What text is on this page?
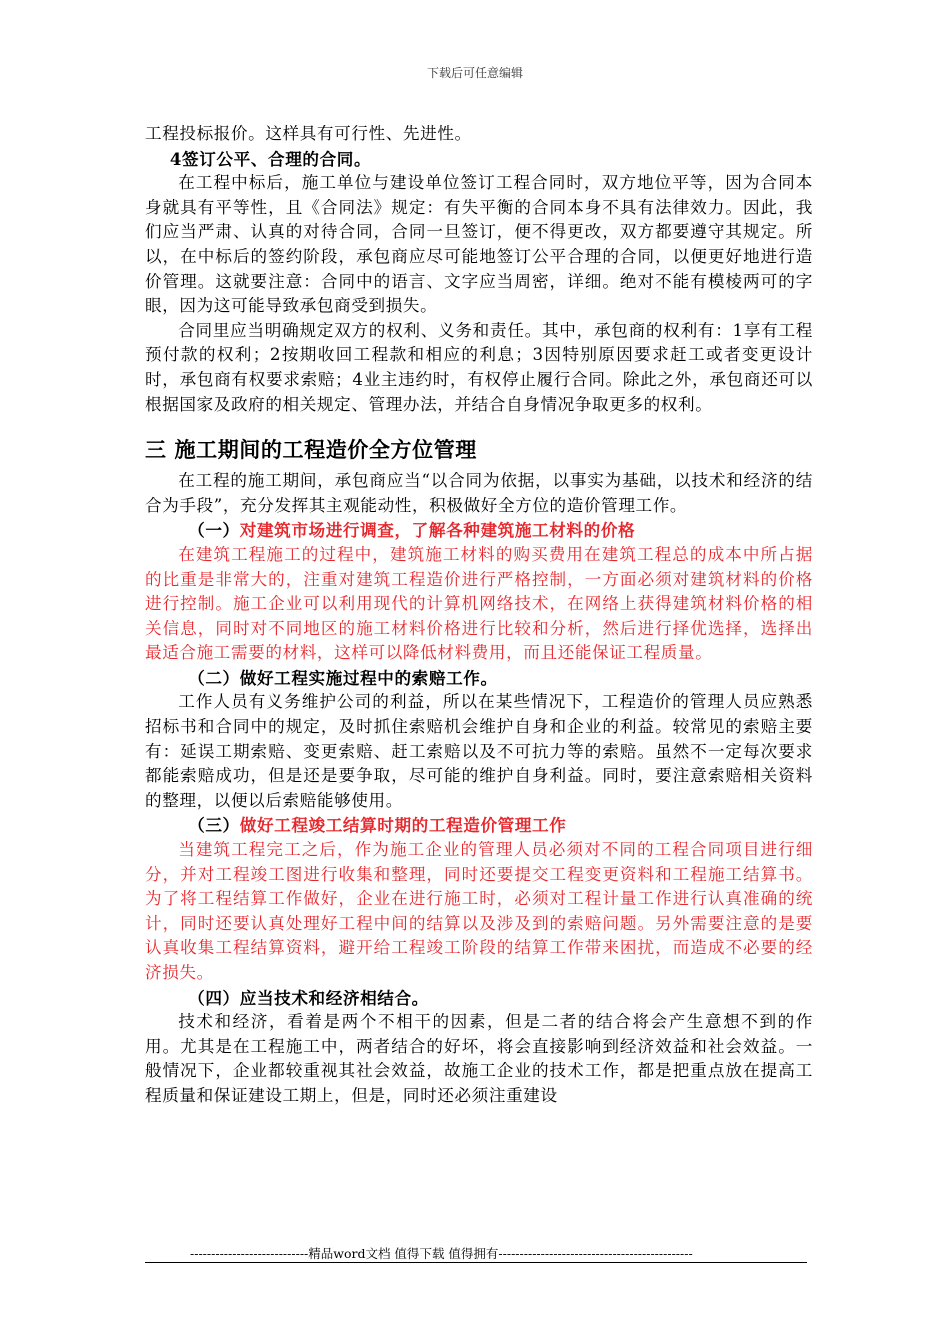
下载后可任意编辑

工程投标报价。这样具有可行性、先进性。

4签订公平、合理的合同。

在工程中标后，施工单位与建设单位签订工程合同时，双方地位平等，因为合同本身就具有平等性，且《合同法》规定：有失平衡的合同本身不具有法律效力。因此，我们应当严肃、认真的对待合同，合同一旦签订，便不得更改，双方都要遵守其规定。所以，在中标后的签约阶段，承包商应尽可能地签订公平合理的合同，以便更好地进行造价管理。这就要注意：合同中的语言、文字应当周密，详细。绝对不能有模棱两可的字眼，因为这可能导致承包商受到损失。

合同里应当明确规定双方的权利、义务和责任。其中，承包商的权利有：1享有工程预付款的权利；2按期收回工程款和相应的利息；3因特别原因要求赶工或者变更设计时，承包商有权要求索赔；4业主违约时，有权停止履行合同。除此之外，承包商还可以根据国家及政府的相关规定、管理办法，并结合自身情况争取更多的权利。

三 施工期间的工程造价全方位管理

在工程的施工期间，承包商应当“以合同为依据，以事实为基础，以技术和经济的结合为手段”，充分发挥其主观能动性，积极做好全方位的造价管理工作。

（一）对建筑市场进行调查，了解各种建筑施工材料的价格

在建筑工程施工的过程中，建筑施工材料的购买费用在建筑工程总的成本中所占据的比重是非常大的，注重对建筑工程造价进行严格控制，一方面必须对建筑材料的价格进行控制。施工企业可以利用现代的计算机网络技术，在网络上获得建筑材料价格的相关信息，同时对不同地区的施工材料价格进行比较和分析，然后进行择优选择，选择出最适合施工需要的材料，这样可以降低材料费用，而且还能保证工程质量。

（二）做好工程实施过程中的索赔工作。

工作人员有义务维护公司的利益，所以在某些情况下，工程造价的管理人员应熟悉招标书和合同中的规定，及时抓住索赔机会维护自身和企业的利益。较常见的索赔主要有：延误工期索赔、变更索赔、赶工索赔以及不可抗力等的索赔。虽然不一定每次要求都能索赔成功，但是还是要争取，尽可能的维护自身利益。同时，要注意索赔相关资料的整理，以便以后索赔能够使用。

（三）做好工程竣工结算时期的工程造价管理工作

当建筑工程完工之后，作为施工企业的管理人员必须对不同的工程合同项目进行细分，并对工程竣工图进行收集和整理，同时还要提交工程变更资料和工程施工结算书。为了将工程结算工作做好，企业在进行施工时，必须对工程计量工作进行认真准确的统计，同时还要认真处理好工程中间的结算以及涉及到的索赔问题。另外需要注意的是要认真收集工程结算资料，避开给工程竣工阶段的结算工作带来困扰，而造成不必要的经济损失。

（四）应当技术和经济相结合。

技术和经济，看着是两个不相干的因素，但是二者的结合将会产生意想不到的作用。尤其是在工程施工中，两者结合的好坏，将会直接影响到经济效益和社会效益。一般情况下，企业都较重视其社会效益，故施工企业的技术工作，都是把重点放在提高工程质量和保证建设工期上，但是，同时还必须注重建设

----------------------------精品word文档 值得下载 值得拥有----------------------------------------------
